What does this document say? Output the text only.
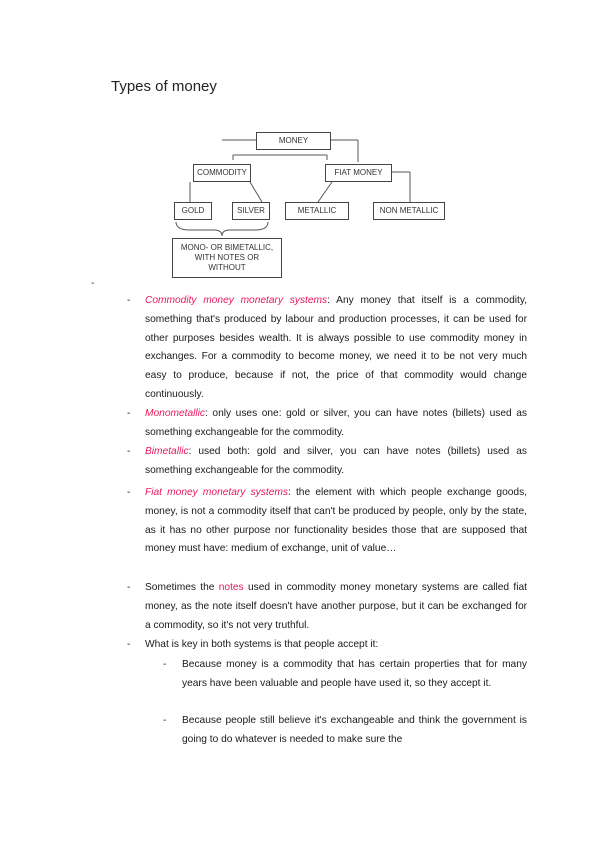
Types of money
MONEY
COMMODITY	FIAT MONEY
GOLD	SILVER	METALLIC	NON METALLIC
MONO- OR BIMETALLIC,
WITH NOTES OR
WITHOUT
-
- Commodity money monetary systems: Any money that itself is a commodity, something that's produced by labour and production processes, it can be used for other purposes besides wealth. It is always possible to use commodity money in exchanges. For a commodity to become money, we need it to be not very much easy to produce, because if not, the price of that commodity would change continuously.
- Monometallic: only uses one: gold or silver, you can have notes (billets) used as something exchangeable for the commodity.
- Bimetallic: used both: gold and silver, you can have notes (billets) used as something exchangeable for the commodity.
- Fiat money monetary systems: the element with which people exchange goods, money, is not a commodity itself that can't be produced by people, only by the state, as it has no other purpose nor functionality besides those that are supposed that money must have: medium of exchange, unit of value…
- Sometimes the notes used in commodity money monetary systems are called fiat money, as the note itself doesn't have another purpose, but it can be exchanged for a commodity, so it's not very truthful.
- What is key in both systems is that people accept it:
- Because money is a commodity that has certain properties that for many years have been valuable and people have used it, so they accept it.
- Because people still believe it's exchangeable and think the government is going to do whatever is needed to make sure the
